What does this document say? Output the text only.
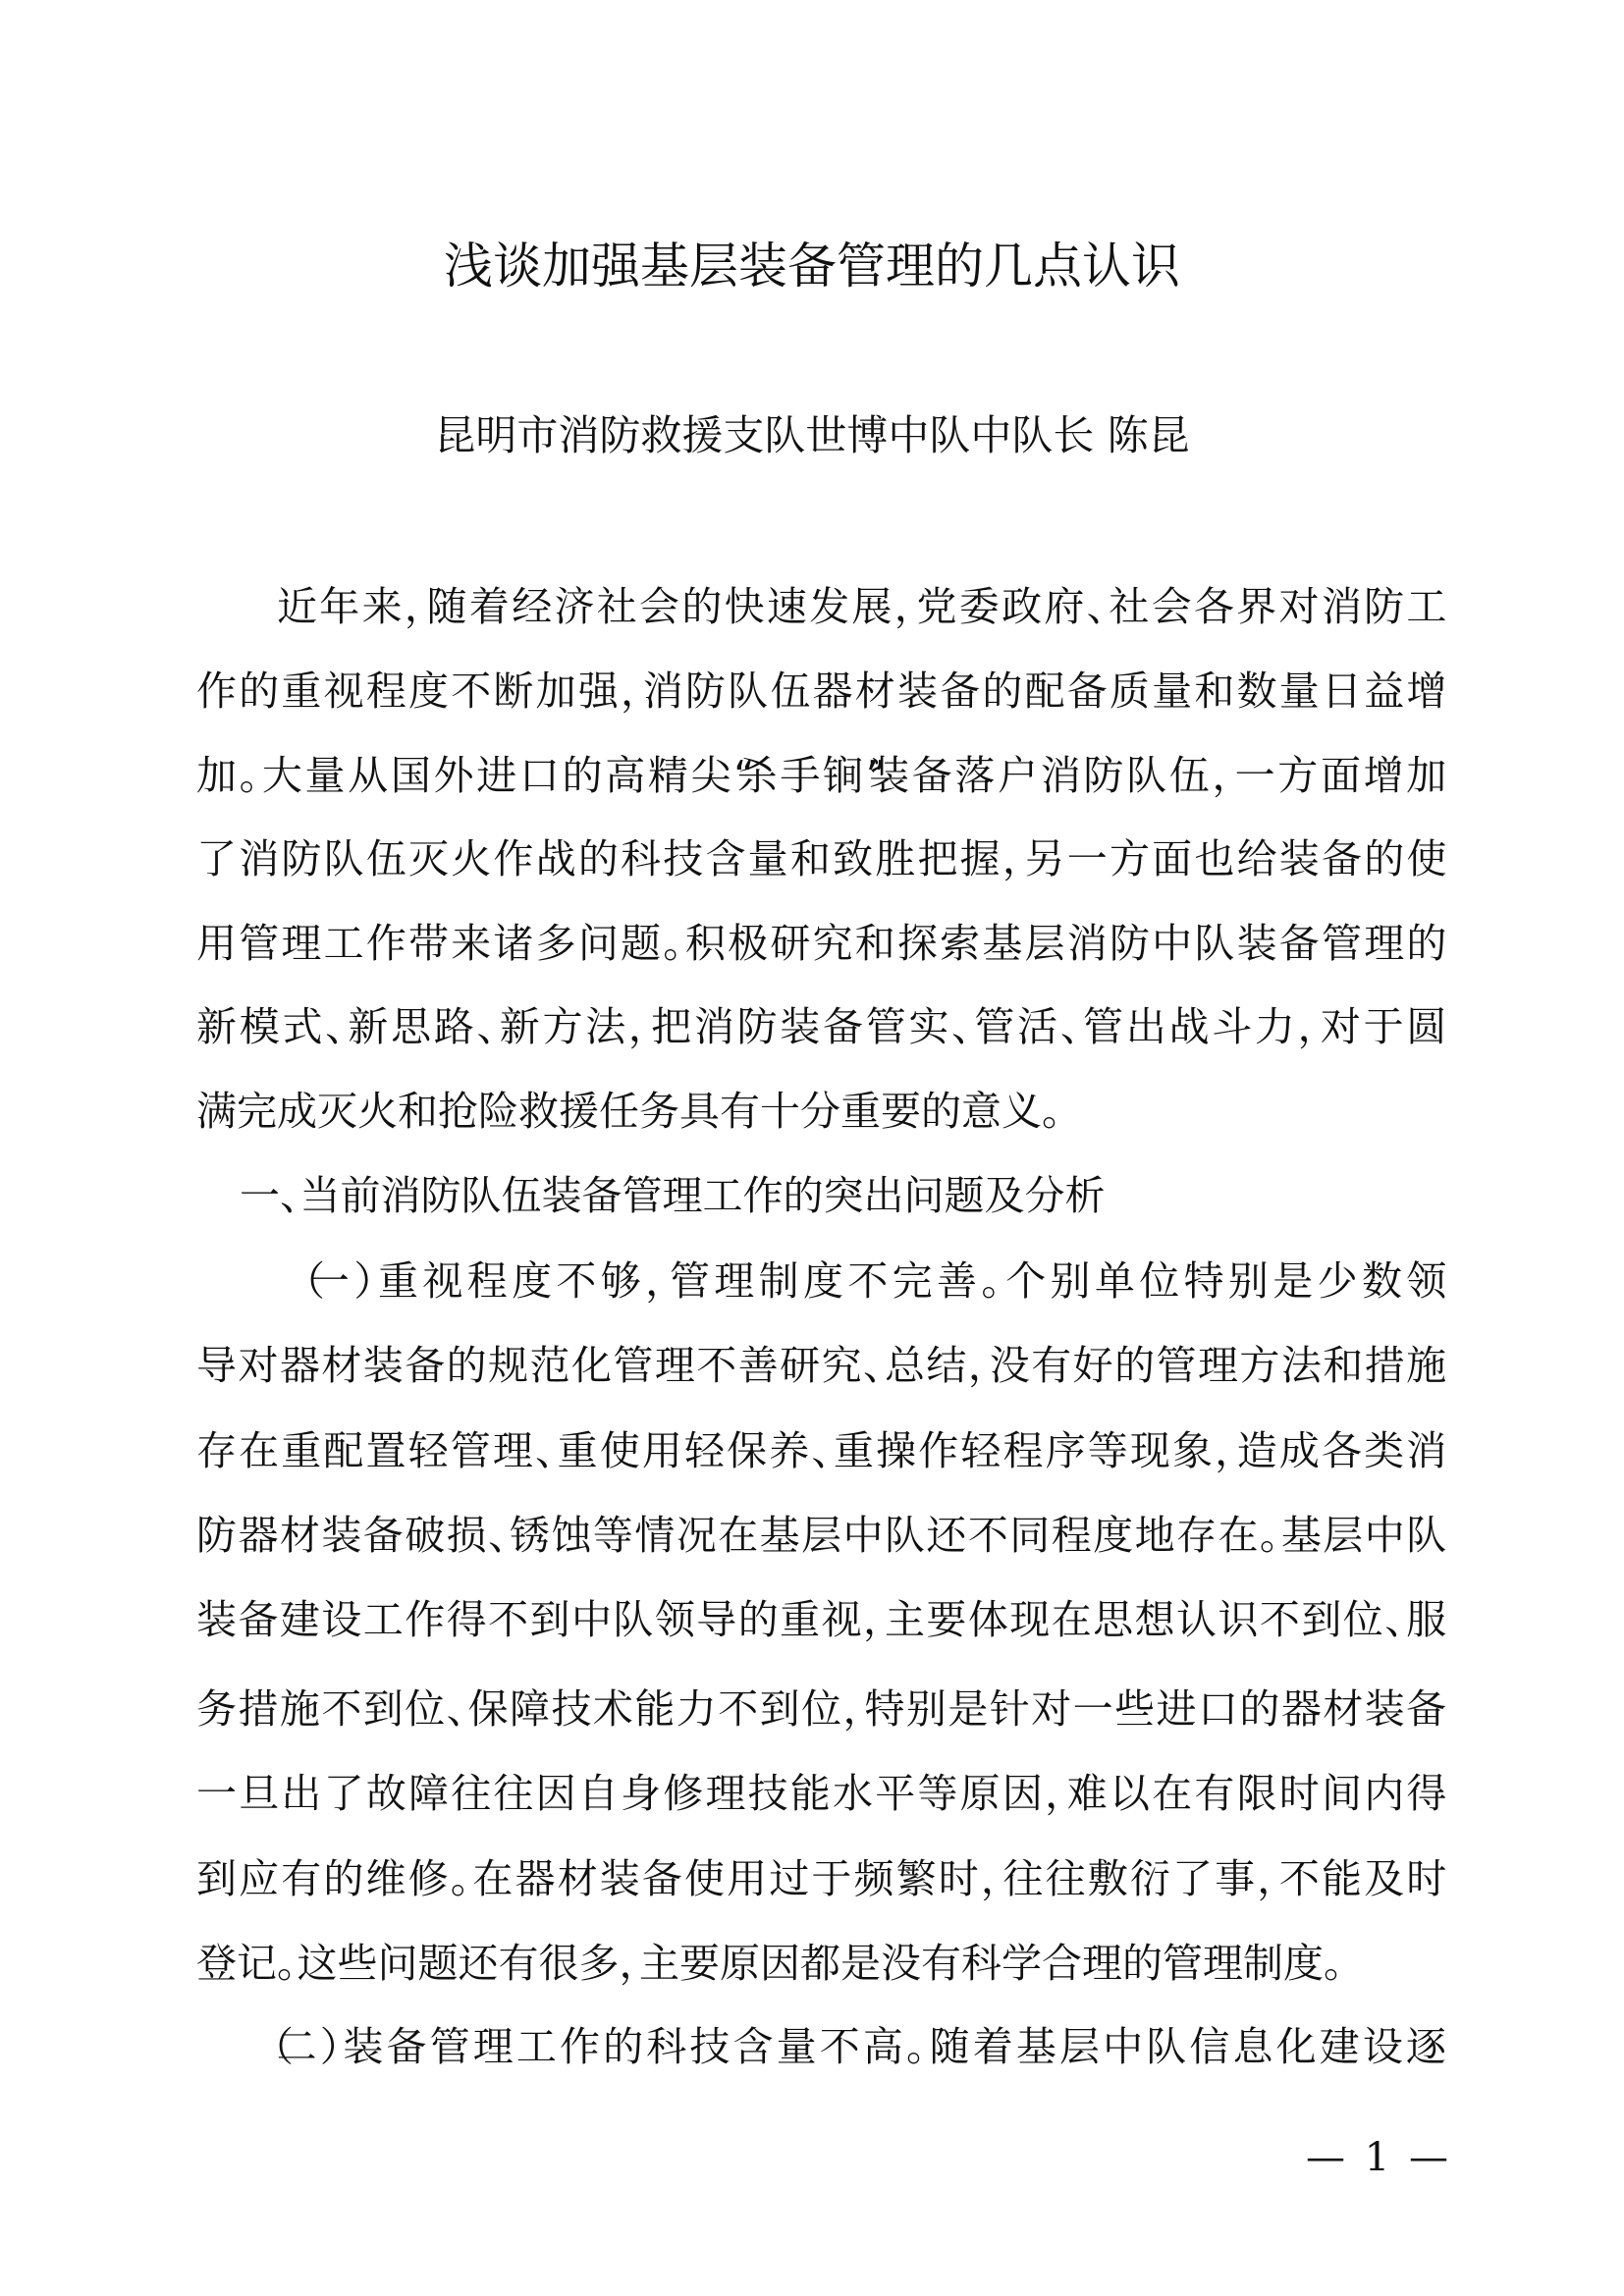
浅谈加强基层装备管理的几点认识
昆明市消防救援支队世博中队中队长 陈昆
近年来，随着经济社会的快速发展，党委政府、社会各界对消防工
作的重视程度不断加强，消防队伍器材装备的配备质量和数量日益增
加。大量从国外进口的高精尖“杀手锏”装备落户消防队伍，一方面增加
了消防队伍灭火作战的科技含量和致胜把握，另一方面也给装备的使
用管理工作带来诸多问题。积极研究和探索基层消防中队装备管理的
新模式、新思路、新方法，把消防装备管实、管活、管出战斗力，对于圆
满完成灭火和抢险救援任务具有十分重要的意义。
一、当前消防队伍装备管理工作的突出问题及分析
（一）重视程度不够，管理制度不完善。个别单位特别是少数领
导对器材装备的规范化管理不善研究、总结，没有好的管理方法和措施
存在重配置轻管理、重使用轻保养、重操作轻程序等现象，造成各类消
防器材装备破损、锈蚀等情况在基层中队还不同程度地存在。基层中队
装备建设工作得不到中队领导的重视，主要体现在思想认识不到位、服
务措施不到位、保障技术能力不到位，特别是针对一些进口的器材装备
一旦出了故障往往因自身修理技能水平等原因，难以在有限时间内得
到应有的维修。在器材装备使用过于频繁时，往往敷衍了事，不能及时
登记。这些问题还有很多，主要原因都是没有科学合理的管理制度。
（二）装备管理工作的科技含量不高。随着基层中队信息化建设逐
— 1 —
